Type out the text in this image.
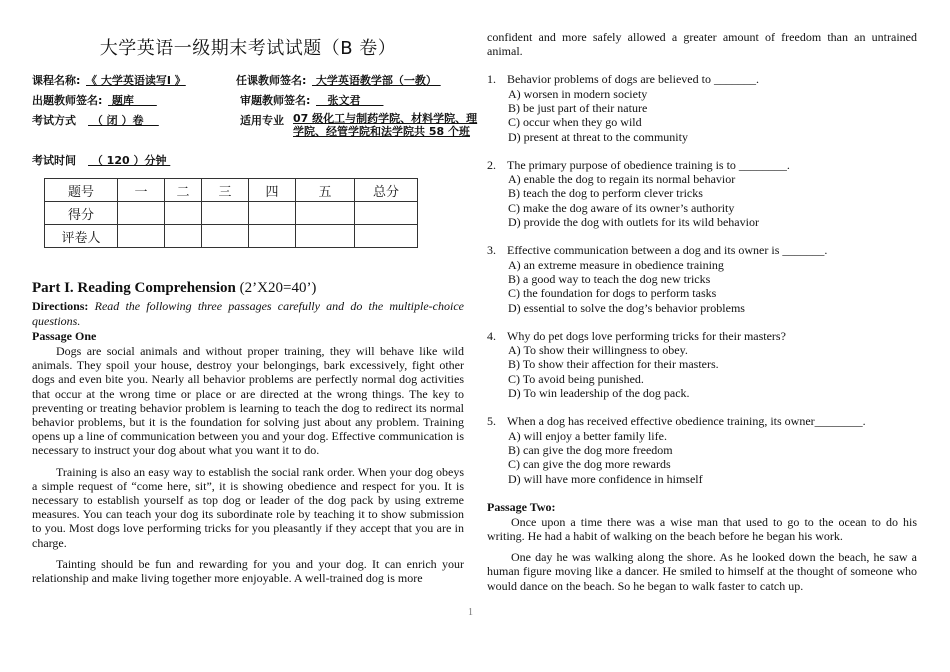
大学英语一级期末考试试题（B 卷）
课程名称: 《 大学英语读写Ⅰ 》	任课教师签名: 大学英语教学部（一教）
出题教师签名: 题库	审题教师签名: 张文君
考试方式 （ 闭 ）卷	适用专业 07 级化工与制药学院、材料学院、理学院、经管学院和法学院共 58 个班
考试时间 （ 120 ）分钟
题号	一	二	三	四	五	总分
得分						
评卷人						
Part I. Reading Comprehension (2’X20=40’)
Directions: Read the following three passages carefully and do the multiple-choice questions.
Passage One

Dogs are social animals and without proper training, they will behave like wild animals. They spoil your house, destroy your belongings, bark excessively, fight other dogs and even bite you. Nearly all behavior problems are perfectly normal dog activities that occur at the wrong time or place or are directed at the wrong things. The key to preventing or treating behavior problem is learning to teach the dog to redirect its normal behavior problems, but it is the foundation for solving just about any problem. Training opens up a line of communication between you and your dog. Effective communication is necessary to instruct your dog about what you want it to do.

Training is also an easy way to establish the social rank order. When your dog obeys a simple request of “come here, sit”, it is showing obedience and respect for you. It is necessary to establish yourself as top dog or leader of the dog pack by using extreme measures. You can teach your dog its subordinate role by teaching it to show submission to you. Most dogs love performing tricks for you pleasantly if they accept that you are in charge.

Tainting should be fun and rewarding for you and your dog. It can enrich your relationship and make living together more enjoyable. A well-trained dog is more

confident and more safely allowed a greater amount of freedom than an untrained animal.

1. Behavior problems of dogs are believed to _______.
A) worsen in modern society
B) be just part of their nature
C) occur when they go wild
D) present at threat to the community
2. The primary purpose of obedience training is to ________.
A) enable the dog to regain its normal behavior
B) teach the dog to perform clever tricks
C) make the dog aware of its owner’s authority
D) provide the dog with outlets for its wild behavior
3. Effective communication between a dog and its owner is _______.
A) an extreme measure in obedience training
B) a good way to teach the dog new tricks
C) the foundation for dogs to perform tasks
D) essential to solve the dog’s behavior problems
4. Why do pet dogs love performing tricks for their masters?
A) To show their willingness to obey.
B) To show their affection for their masters.
C) To avoid being punished.
D) To win leadership of the dog pack.
5. When a dog has received effective obedience training, its owner________.
A) will enjoy a better family life.
B) can give the dog more freedom
C) can give the dog more rewards
D) will have more confidence in himself
Passage Two:

Once upon a time there was a wise man that used to go to the ocean to do his writing. He had a habit of walking on the beach before he began his work.

One day he was walking along the shore. As he looked down the beach, he saw a human figure moving like a dancer. He smiled to himself at the thought of someone who would dance on the beach. So he began to walk faster to catch up.

1
